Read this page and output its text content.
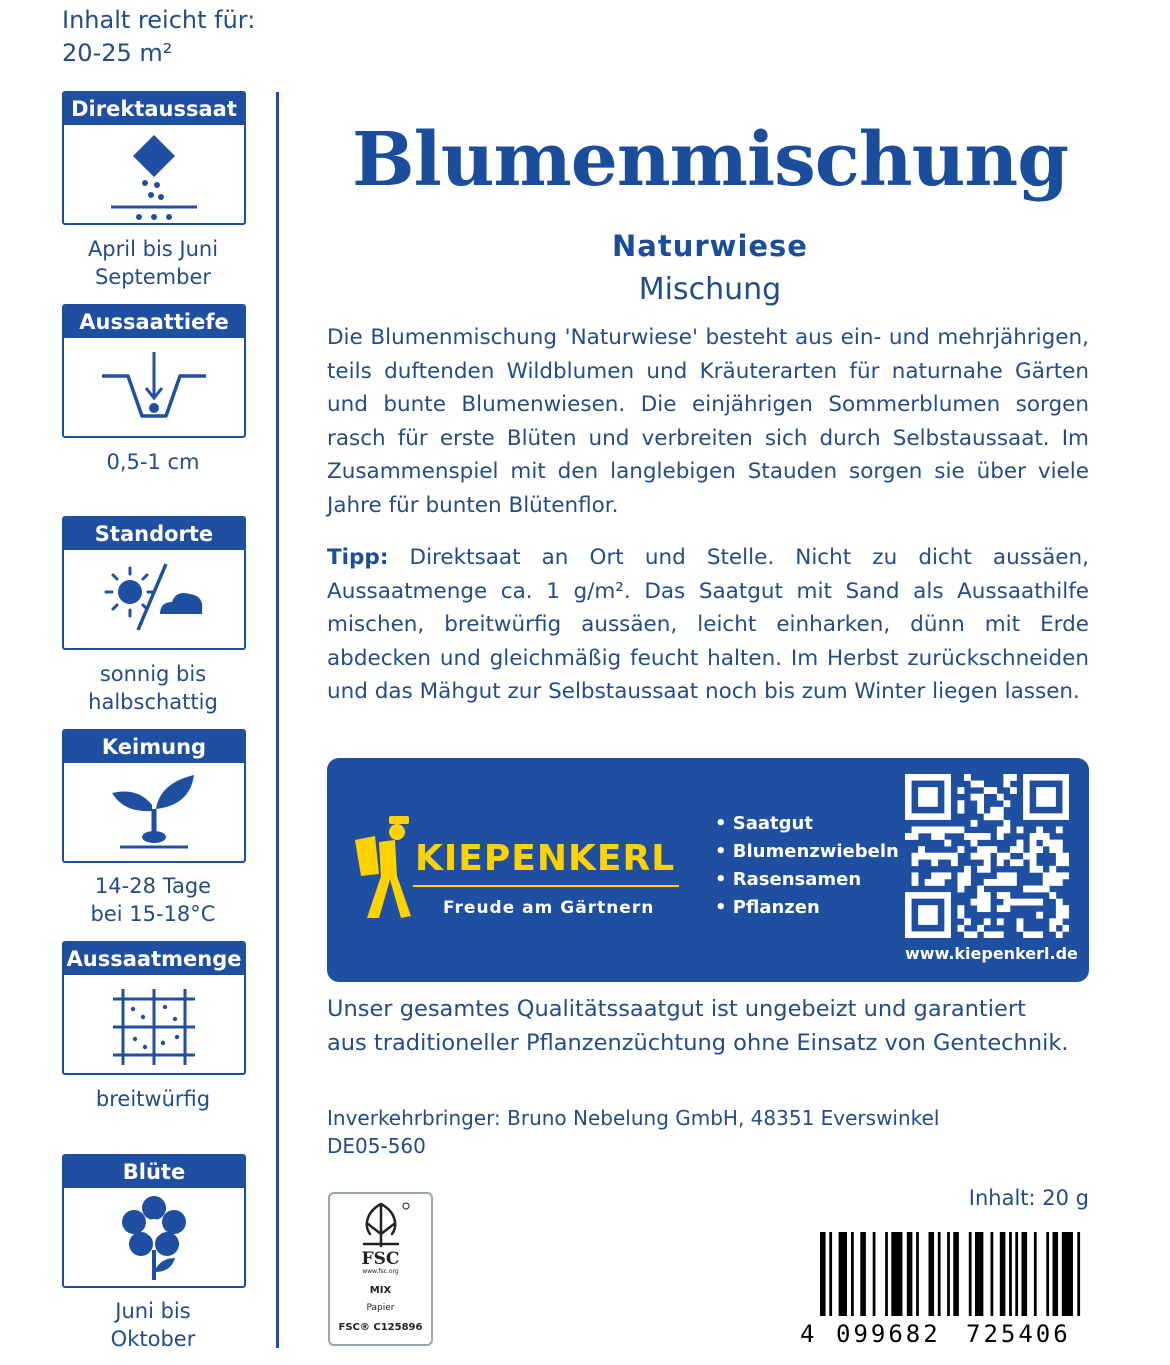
Inhalt reicht für:
20-25 m²
Direktaussaat
April bis Juni
September
Aussaattiefe
0,5-1 cm
Standorte
sonnig bis
halbschattig
Keimung
14-28 Tage
bei 15-18°C
Aussaatmenge
breitwürfig
Blüte
Juni bis
Oktober
Blumenmischung
Naturwiese
Mischung
Die Blumenmischung 'Naturwiese' besteht aus ein- und mehrjährigen, teils duftenden Wildblumen und Kräuterarten für naturnahe Gärten und bunte Blumenwiesen. Die einjährigen Sommerblumen sorgen rasch für erste Blüten und verbreiten sich durch Selbstaussaat. Im Zusammenspiel mit den langlebigen Stauden sorgen sie über viele Jahre für bunten Blütenflor.
Tipp: Direktsaat an Ort und Stelle. Nicht zu dicht aussäen, Aussaatmenge ca. 1 g/m². Das Saatgut mit Sand als Aussaathilfe mischen, breitwürfig aussäen, leicht einharken, dünn mit Erde abdecken und gleichmäßig feucht halten. Im Herbst zurückschneiden und das Mähgut zur Selbstaussaat noch bis zum Winter liegen lassen.
KIEPENKERL
Freude am Gärtnern
• Saatgut
• Blumenzwiebeln
• Rasensamen
• Pflanzen
www.kiepenkerl.de
Unser gesamtes Qualitätssaatgut ist ungebeizt und garantiert
aus traditioneller Pflanzenzüchtung ohne Einsatz von Gentechnik.
Inverkehrbringer: Bruno Nebelung GmbH, 48351 Everswinkel
DE05-560
FSC
www.fsc.org
MIX
Papier
FSC® C125896
Inhalt: 20 g
4 099682 725406
